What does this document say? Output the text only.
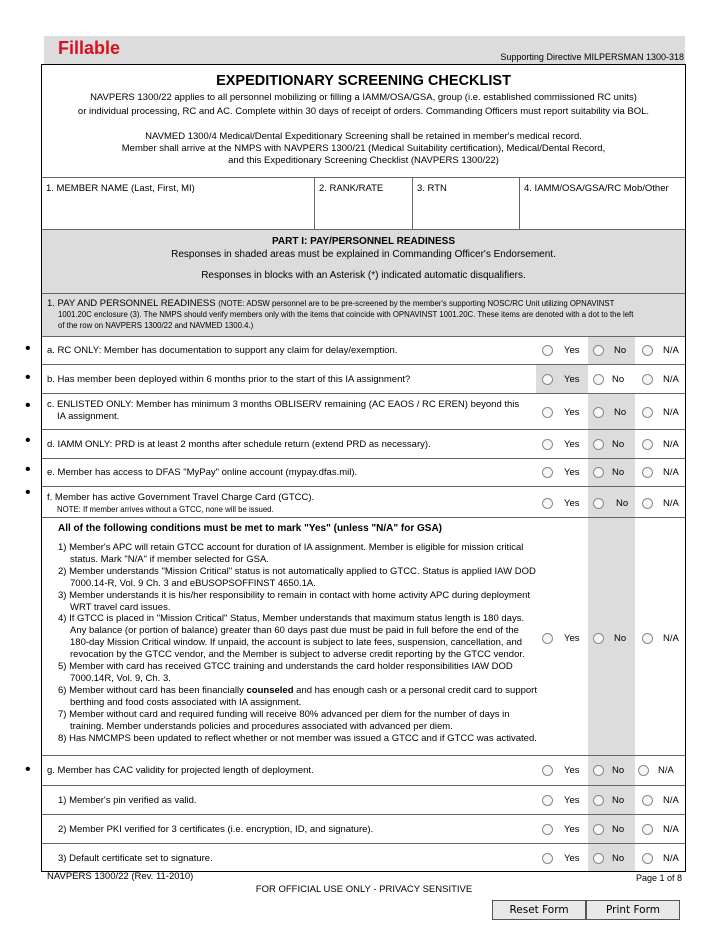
Fillable	Supporting Directive MILPERSMAN 1300-318
EXPEDITIONARY SCREENING CHECKLIST
NAVPERS 1300/22 applies to all personnel mobilizing or filling a IAMM/OSA/GSA, group (i.e. established commissioned RC units)
or individual processing, RC and AC. Complete within 30 days of receipt of orders. Commanding Officers must report suitability via BOL.
NAVMED 1300/4 Medical/Dental Expeditionary Screening shall be retained in member's medical record.
Member shall arrive at the NMPS with NAVPERS 1300/21 (Medical Suitability certification), Medical/Dental Record,
and this Expeditionary Screening Checklist (NAVPERS 1300/22)
1. MEMBER NAME (Last, First, MI)	2. RANK/RATE	3. RTN	4. IAMM/OSA/GSA/RC Mob/Other
PART I: PAY/PERSONNEL READINESS
Responses in shaded areas must be explained in Commanding Officer's Endorsement.
Responses in blocks with an Asterisk (*) indicated automatic disqualifiers.
1. PAY AND PERSONNEL READINESS (NOTE: ADSW personnel are to be pre-screened by the member's supporting NOSC/RC Unit utilizing OPNAVINST
1001.20C enclosure (3). The NMPS should verify members only with the items that coincide with OPNAVINST 1001.20C. These items are denoted with a dot to the left
of the row on NAVPERS 1300/22 and NAVMED 1300.4.)
a. RC ONLY: Member has documentation to support any claim for delay/exemption.	Yes	No	N/A
b. Has member been deployed within 6 months prior to the start of this IA assignment?	Yes	No	N/A
c. ENLISTED ONLY: Member has minimum 3 months OBLISERV remaining (AC EAOS / RC EREN) beyond this
IA assignment.	Yes	No	N/A
d. IAMM ONLY: PRD is at least 2 months after schedule return (extend PRD as necessary).	Yes	No	N/A
e. Member has access to DFAS "MyPay" online account (mypay.dfas.mil).	Yes	No	N/A
f. Member has active Government Travel Charge Card (GTCC).
NOTE: If member arrives without a GTCC, none will be issued.
Yes	No	N/A
All of the following conditions must be met to mark "Yes" (unless "N/A" for GSA)
1) Member's APC will retain GTCC account for duration of IA assignment. Member is eligible for mission critical status. Mark "N/A" if member selected for GSA.
2) Member understands "Mission Critical" status is not automatically applied to GTCC. Status is applied IAW DOD 7000.14-R, Vol. 9 Ch. 3 and eBUSOPSOFFINST 4650.1A.
3) Member understands it is his/her responsibility to remain in contact with home activity APC during deployment WRT travel card issues.
4) If GTCC is placed in "Mission Critical" Status, Member understands that maximum status length is 180 days. Any balance (or portion of balance) greater than 60 days past due must be paid in full before the end of the 180-day Mission Critical window. If unpaid, the account is subject to late fees, suspension, cancellation, and revocation by the GTCC vendor, and the Member is subject to adverse credit reporting by the GTCC vendor.
5) Member with card has received GTCC training and understands the card holder responsibilities IAW DOD 7000.14R, Vol. 9, Ch. 3.
6) Member without card has been financially counseled and has enough cash or a personal credit card to support berthing and food costs associated with IA assignment.
7) Member without card and required funding will receive 80% advanced per diem for the number of days in training. Member understands policies and procedures associated with advanced per diem.
8) Has NMCMPS been updated to reflect whether or not member was issued a GTCC and if GTCC was activated.
Yes	No	N/A
g. Member has CAC validity for projected length of deployment.	Yes	No	N/A
1) Member's pin verified as valid.	Yes	No	N/A
2) Member PKI verified for 3 certificates (i.e. encryption, ID, and signature).	Yes	No	N/A
3) Default certificate set to signature.	Yes	No	N/A
•
•
•
•
•
•
•
NAVPERS 1300/22 (Rev. 11-2010)	Page 1 of 8
FOR OFFICIAL USE ONLY - PRIVACY SENSITIVE
Reset Form	Print Form
